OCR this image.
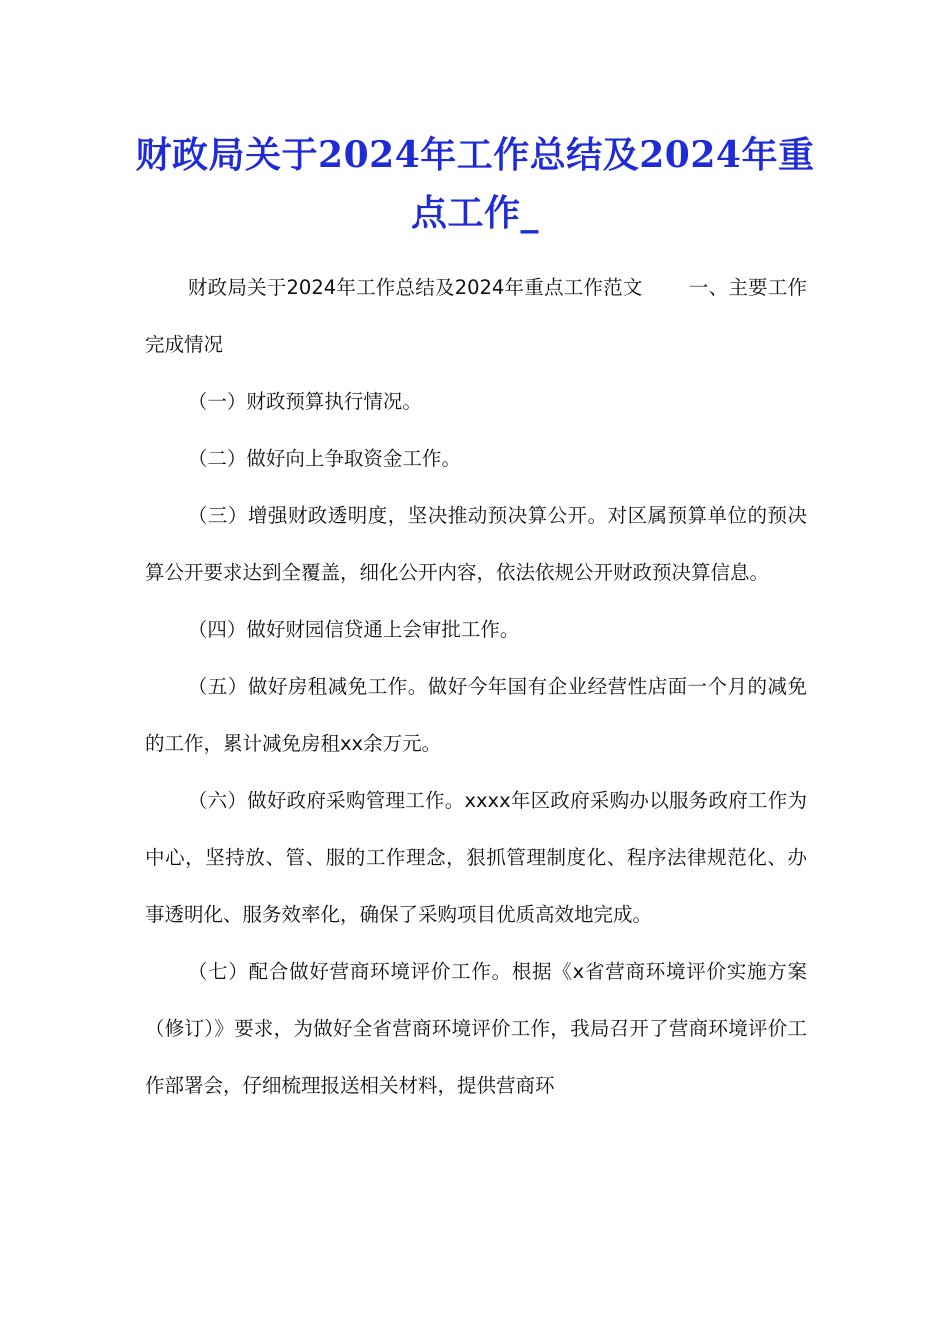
财政局关于2024年工作总结及2024年重点工作_

财政局关于2024年工作总结及2024年重点工作范文 一、主要工作完成情况

（一）财政预算执行情况。

（二）做好向上争取资金工作。

（三）增强财政透明度，坚决推动预决算公开。对区属预算单位的预决算公开要求达到全覆盖，细化公开内容，依法依规公开财政预决算信息。

（四）做好财园信贷通上会审批工作。

（五）做好房租减免工作。做好今年国有企业经营性店面一个月的减免的工作，累计减免房租xx余万元。

（六）做好政府采购管理工作。xxxx年区政府采购办以服务政府工作为中心，坚持放、管、服的工作理念，狠抓管理制度化、程序法律规范化、办事透明化、服务效率化，确保了采购项目优质高效地完成。

（七）配合做好营商环境评价工作。根据《x省营商环境评价实施方案（修订）》要求，为做好全省营商环境评价工作，我局召开了营商环境评价工作部署会，仔细梳理报送相关材料，提供营商环
